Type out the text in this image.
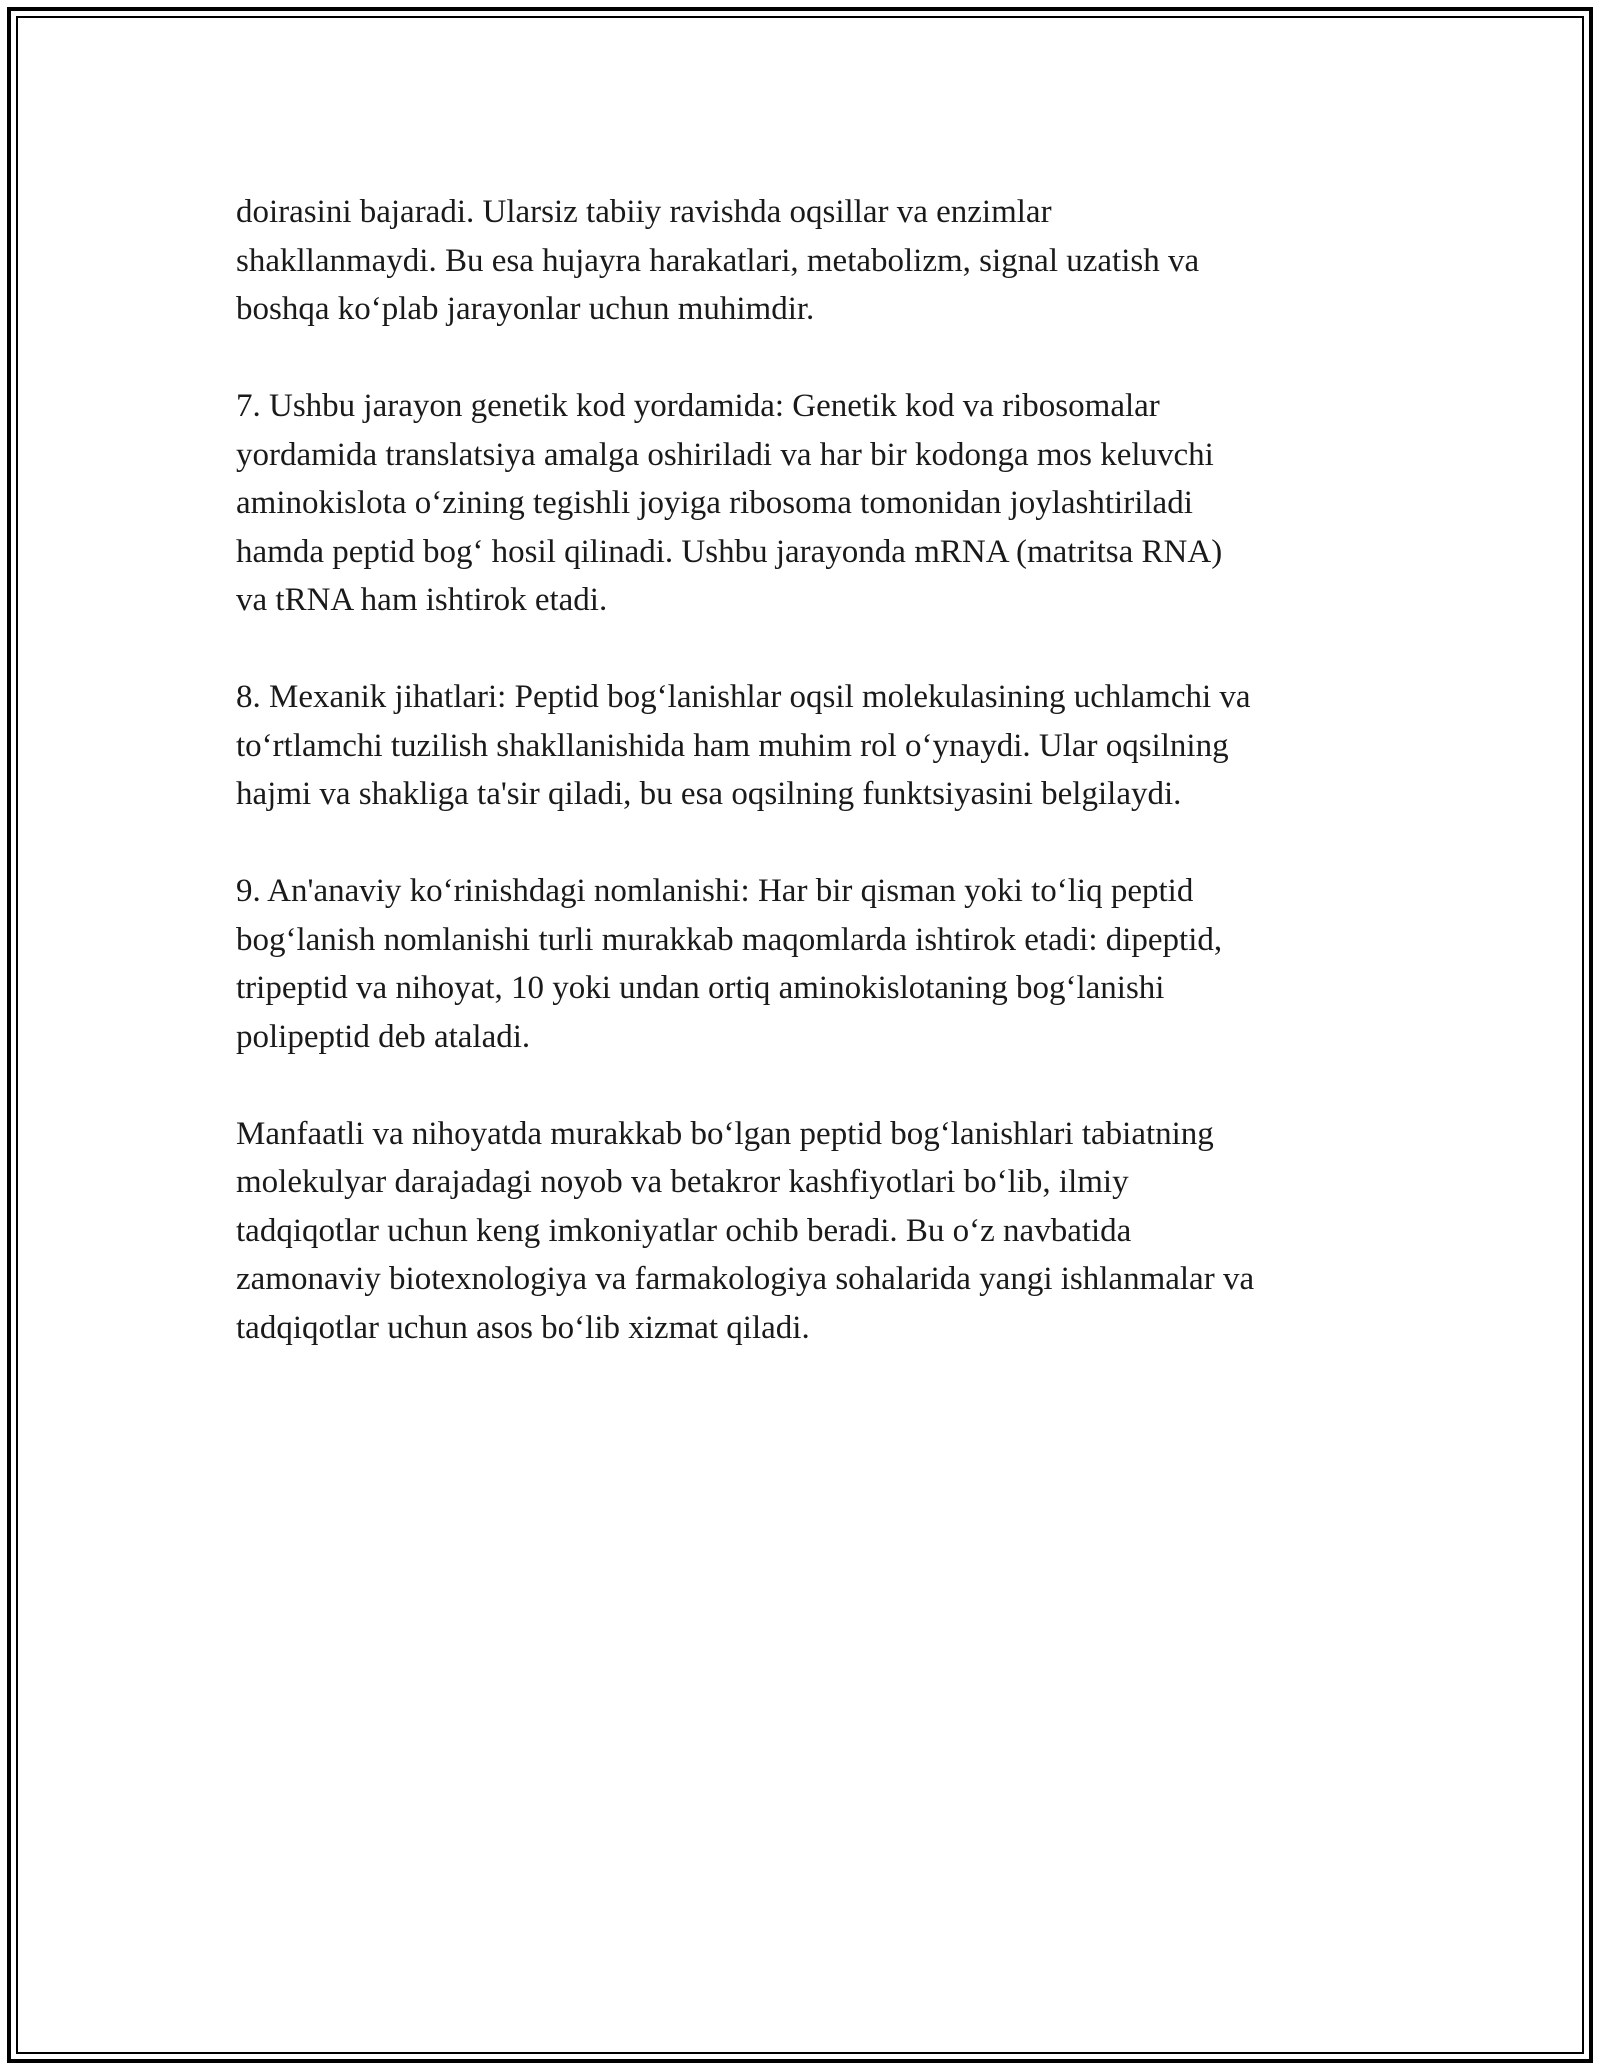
doirasini bajaradi. Ularsiz tabiiy ravishda oqsillar va enzimlar
shakllanmaydi. Bu esa hujayra harakatlari, metabolizm, signal uzatish va
boshqa ko‘plab jarayonlar uchun muhimdir.

7. Ushbu jarayon genetik kod yordamida: Genetik kod va ribosomalar
yordamida translatsiya amalga oshiriladi va har bir kodonga mos keluvchi
aminokislota o‘zining tegishli joyiga ribosoma tomonidan joylashtiriladi
hamda peptid bog‘ hosil qilinadi. Ushbu jarayonda mRNA (matritsa RNA)
va tRNA ham ishtirok etadi.

8. Mexanik jihatlari: Peptid bog‘lanishlar oqsil molekulasining uchlamchi va
to‘rtlamchi tuzilish shakllanishida ham muhim rol o‘ynaydi. Ular oqsilning
hajmi va shakliga ta'sir qiladi, bu esa oqsilning funktsiyasini belgilaydi.

9. An'anaviy ko‘rinishdagi nomlanishi: Har bir qisman yoki to‘liq peptid
bog‘lanish nomlanishi turli murakkab maqomlarda ishtirok etadi: dipeptid,
tripeptid va nihoyat, 10 yoki undan ortiq aminokislotaning bog‘lanishi
polipeptid deb ataladi.

Manfaatli va nihoyatda murakkab bo‘lgan peptid bog‘lanishlari tabiatning
molekulyar darajadagi noyob va betakror kashfiyotlari bo‘lib, ilmiy
tadqiqotlar uchun keng imkoniyatlar ochib beradi. Bu o‘z navbatida
zamonaviy biotexnologiya va farmakologiya sohalarida yangi ishlanmalar va
tadqiqotlar uchun asos bo‘lib xizmat qiladi.
